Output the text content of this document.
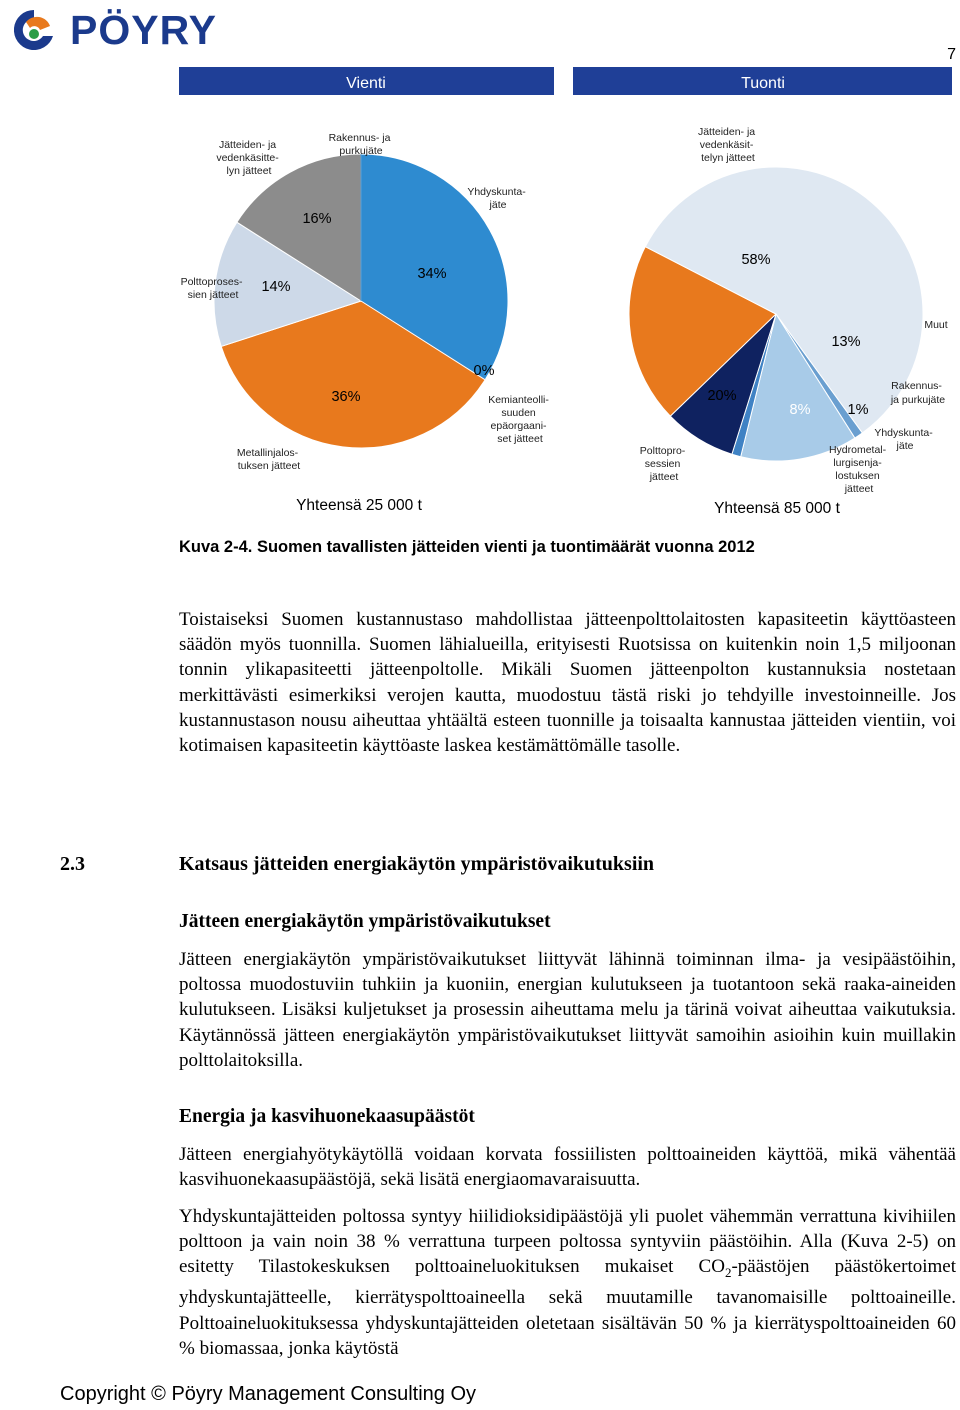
PÖYRY
7
Vienti	Tuonti
34%
0%
36%
14%
16%
Jätteiden- ja vedenkäsitte- lyn jätteet
Rakennus- ja purkujäte
Yhdyskunta- jäte
Polttoproses- sien jätteet
Kemianteolli- suuden epäorgaani- set jätteet
Metallinjalos- tuksen jätteet
Yhteensä 25 000 t
58%
13%
1%
8%
20%
Jätteiden- ja vedenkäsit- telyn jätteet
Muut
Rakennus- ja purkujäte
Yhdyskunta- jäte
Polttopro- sessien jätteet
Hydrometal- lurgisenja- lostuksen jätteet
Yhteensä 85 000 t
Kuva 2-4. Suomen tavallisten jätteiden vienti ja tuontimäärät vuonna 2012

Toistaiseksi Suomen kustannustaso mahdollistaa jätteenpolttolaitosten kapasiteetin käyttöasteen säädön myös tuonnilla. Suomen lähialueilla, erityisesti Ruotsissa on kuitenkin noin 1,5 miljoonan tonnin ylikapasiteetti jätteenpoltolle. Mikäli Suomen jätteenpolton kustannuksia nostetaan merkittävästi esimerkiksi verojen kautta, muodostuu tästä riski jo tehdyille investoinneille. Jos kustannustason nousu aiheuttaa yhtäältä esteen tuonnille ja toisaalta kannustaa jätteiden vientiin, voi kotimaisen kapasiteetin käyttöaste laskea kestämättömälle tasolle.

2.3	Katsaus jätteiden energiakäytön ympäristövaikutuksiin
Jätteen energiakäytön ympäristövaikutukset

Jätteen energiakäytön ympäristövaikutukset liittyvät lähinnä toiminnan ilma- ja vesipäästöihin, poltossa muodostuviin tuhkiin ja kuoniin, energian kulutukseen ja tuotantoon sekä raaka-aineiden kulutukseen. Lisäksi kuljetukset ja prosessin aiheuttama melu ja tärinä voivat aiheuttaa vaikutuksia. Käytännössä jätteen energiakäytön ympäristövaikutukset liittyvät samoihin asioihin kuin muillakin polttolaitoksilla.

Energia ja kasvihuonekaasupäästöt

Jätteen energiahyötykäytöllä voidaan korvata fossiilisten polttoaineiden käyttöä, mikä vähentää kasvihuonekaasupäästöjä, sekä lisätä energiaomavaraisuutta.

Yhdyskuntajätteiden poltossa syntyy hiilidioksidipäästöjä yli puolet vähemmän verrattuna kivihiilen polttoon ja vain noin 38 % verrattuna turpeen poltossa syntyviin päästöihin. Alla (Kuva 2-5) on esitetty Tilastokeskuksen polttoaineluokituksen mukaiset $CO_2$-päästöjen päästökertoimet yhdyskuntajätteelle, kierrätyspolttoaineella sekä muutamille tavanomaisille polttoaineille. Polttoaineluokituksessa yhdyskuntajätteiden oletetaan sisältävän 50 % ja kierrätyspolttoaineiden 60 % biomassaa, jonka käytöstä

Copyright © Pöyry Management Consulting Oy
